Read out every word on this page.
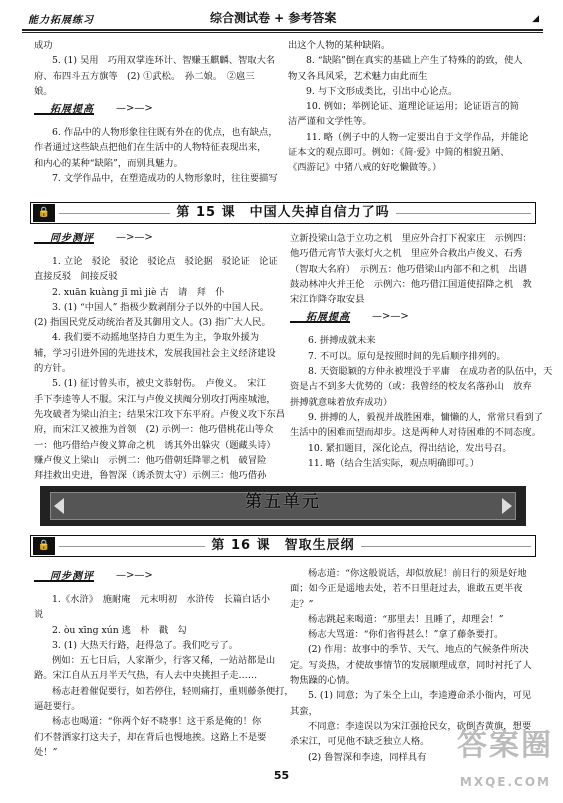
能力拓展练习	综合测试卷 + 参考答案	◢

成功

5. (1) 吴用　巧用双掌连环计、智赚玉麒麟、智取大名

府、布四斗五方旗等　(2) ①武松。　孙二娘。　②扈三

娘。

拓展提高 —>—>

6. 作品中的人物形象往往既有外在的优点，也有缺点，

作者通过这些缺点把他们在生活中的人物特征表现出来，

和内心的某种“缺陷”，而别具魅力。

7. 文学作品中，在塑造成功的人物形象时，往往要描写

出这个人物的某种缺陷。

8. “缺陷”倒在真实的基础上产生了特殊的韵致，使人

物又各具风采，艺术魅力由此而生

9. 与下文形成类比，引出中心论点。

10. 例如；举例论证、道理论证运用；论证语言的简

洁严谨和文学性等。

11. 略（例子中的人物一定要出自于文学作品，并能论

证本文的观点即可。例如：《简·爱》中简的相貌丑陋、

《西游记》中猪八戒的好吃懒做等。）

🔒	第 15 课　中国人失掉自信力了吗
同步测评 —>—>

1. 立论　驳论　驳论　驳论点　驳论据　驳论证　论证

直接反驳　间接反驳

2. xuān kuàng jī mì jiè 古　请　拜　仆

3. (1) “中国人” 指极少数剥削分子以外的中国人民。

(2) 指国民党反动统治者及其御用文人。(3) 指广大人民。

4. 我们要不动摇地坚持自力更生为主，争取外援为

辅，学习引进外国的先进技术，发展我国社会主义经济建设

的方针。

5. (1) 征讨曾头市，被史文恭射伤。　卢俊义。　宋江

手下李逵等人不服。宋江与卢俊义挟阄分别攻打两座城池，

先攻破者为梁山泊主；结果宋江攻下东平府。卢俊义攻下东昌

府，而宋江又被推为首领　(2) 示例一：他巧借桃花山等众

一：他巧借给卢俊义算命之机　诱其外出躲灾（题藏头诗）

赚卢俊义上梁山　示例二：他巧借朝廷降罪之机　破冒险

拜挂救出史进，鲁智深（诱杀贺太守）示例三：他巧借孙

立新投梁山急于立功之机　里应外合打下祝家庄　示例四：

他巧借元宵节大张灯火之机　里应外合救出卢俊义、石秀

（智取大名府）　示例五：他巧借梁山内部不和之机　出谱

鼓动林冲火并王伦　示例六：他巧借江国道使招降之机　教

宋江诈降夺取安县

拓展提高 —>—>

6. 拼搏成就未来

7. 不可以。原句是按照时间的先后顺序排列的。

8. 天资聪颖的方仲永被埋没于平庸　在成功者的队伍中，天

资是占不到多大优势的（或：我曾经的校友名落孙山　放弃

拼搏就意味着放弃成功）

9. 拼搏的人，毅视并战胜困难，慵懒的人，常常只看到了

生活中的困难而望而却步。这是两种人对待困难的不同态度。

10. 紧扣题目，深化论点，得出结论，发出号召。

11. 略（结合生活实际，观点明确即可。）

第五单元
🔒	第 16 课　智取生辰纲
同步测评 —>—>

1.《水浒》　施耐庵　元末明初　水浒传　长篇白话小

说

2. òu xīng xún 逃　朴　戳　勾

3. (1) 大热天行路，赶得急了。我们吃亏了。

例如：五七日后，人家渐少，行客又稀，一站站都是山

路。宋江自从五月半天气热，有人去中央挑担子走……

杨志赶着催促要行，如若停住，轻则痛打，重则藤条便打，

逼赶要行。

杨志也喝道：“你两个好不晓事！这干系是俺的！你

们不替洒家打这夫子，却在背后也慢地挨。这路上不是要

处！”

杨志道：“你这般说话，却似放屁！前日行的须是好地

面；如今正是遥地去处，若不日里赶过去，谁敢五更半夜

走？”

杨志跳起来喝道：“那里去！且睡了，却理会！”

杨志大骂道：“你们省得甚么！”拿了藤条要打。

(2) 作用：故事中的季节、天气、地点的气候条件所决

定。写炎热，才使故事情节的发展顺理成章，同时衬托了人

物焦躁的心情。

5. (1) 同意；为了朱仝上山，李逵遵命杀小衙内，可见

其蛮，

不同意：李逵误以为宋江强抢民女，砍倒杏黄旗，想要

杀宋江，可见他不缺乏独立人格。

(2) 鲁智深和李逵，同样具有

55
答案圈
MXQE.COM
